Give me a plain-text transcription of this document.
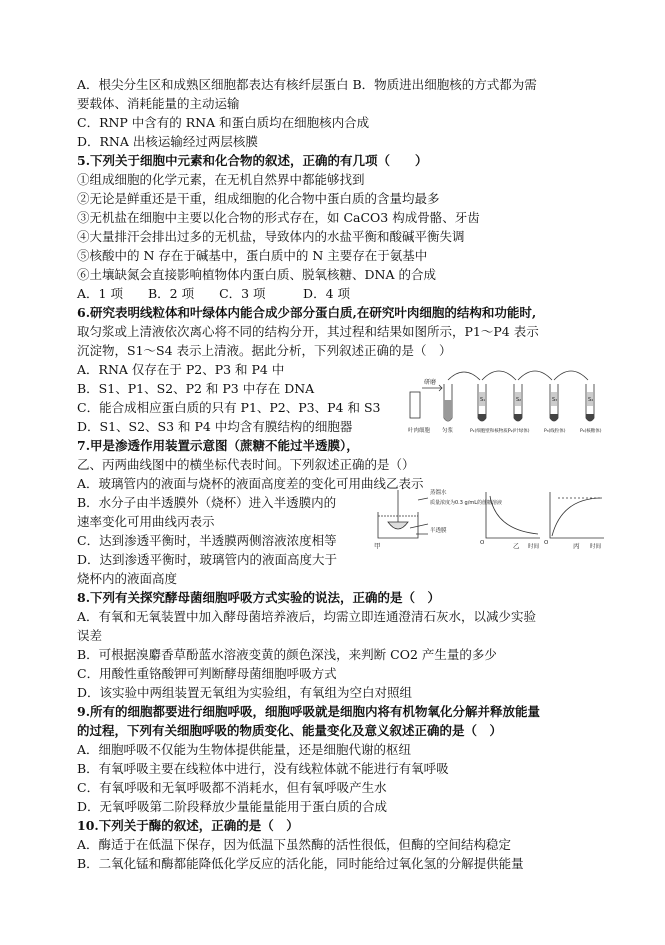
A．根尖分生区和成熟区细胞都表达有核纤层蛋白 B．物质进出细胞核的方式都为需
要载体、消耗能量的主动运输
C．RNP 中含有的 RNA 和蛋白质均在细胞核内合成
D．RNA 出核运输经过两层核膜
5.下列关于细胞中元素和化合物的叙述，正确的有几项（　　）
①组成细胞的化学元素，在无机自然界中都能够找到
②无论是鲜重还是干重，组成细胞的化合物中蛋白质的含量均最多
③无机盐在细胞中主要以化合物的形式存在，如 CaCO3 构成骨骼、牙齿
④大量排汗会排出过多的无机盐，导致体内的水盐平衡和酸碱平衡失调
⑤核酸中的 N 存在于碱基中，蛋白质中的 N 主要存在于氨基中
⑥土壤缺氮会直接影响植物体内蛋白质、脱氧核糖、DNA 的合成
A．1 项　　B．2 项　　C．3 项　　　D．4 项
6.研究表明线粒体和叶绿体内能合成少部分蛋白质,在研究叶肉细胞的结构和功能时,
取匀浆或上清液依次离心将不同的结构分开，其过程和结果如图所示，P1～P4 表示
沉淀物，S1～S4 表示上清液。据此分析，下列叙述正确的是（　）
A．RNA 仅存在于 P2、P3 和 P4 中
B．S1、P1、S2、P2 和 P3 中存在 DNA
C．能合成相应蛋白质的只有 P1、P2、P3、P4 和 S3
D．S1、S2、S3 和 P4 中均含有膜结构的细胞器
7.甲是渗透作用装置示意图（蔗糖不能过半透膜），
乙、丙两曲线图中的横坐标代表时间。下列叙述正确的是（）
A．玻璃管内的液面与烧杯的液面高度差的变化可用曲线乙表示
B．水分子由半透膜外（烧杯）进入半透膜内的
速率变化可用曲线丙表示
C．达到渗透平衡时，半透膜两侧溶液浓度相等
D．达到渗透平衡时，玻璃管内的液面高度大于
烧杯内的液面高度
8.下列有关探究酵母菌细胞呼吸方式实验的说法，正确的是（　）
A．有氧和无氧装置中加入酵母菌培养液后，均需立即连通澄清石灰水，以减少实验
误差
B．可根据溴麝香草酚蓝水溶液变黄的颜色深浅，来判断 CO2 产生量的多少
C．用酸性重铬酸钾可判断酵母菌细胞呼吸方式
D．该实验中两组装置无氧组为实验组，有氧组为空白对照组
9.所有的细胞都要进行细胞呼吸，细胞呼吸就是细胞内将有机物氧化分解并释放能量
的过程，下列有关细胞呼吸的物质变化、能量变化及意义叙述正确的是（　）
A．细胞呼吸不仅能为生物体提供能量，还是细胞代谢的枢纽
B．有氧呼吸主要在线粒体中进行，没有线粒体就不能进行有氧呼吸
C．有氧呼吸和无氧呼吸都不消耗水，但有氧呼吸产生水
D．无氧呼吸第二阶段释放少量能量能用于蛋白质的合成
10.下列关于酶的叙述，正确的是（　）
A．酶适于在低温下保存，因为低温下虽然酶的活性很低，但酶的空间结构稳定
B．二氧化锰和酶都能降低化学反应的活化能，同时能给过氧化氢的分解提供能量
研磨
S₁	S₂	S₃	S₄
叶肉细胞 匀浆	P₁(细胞壁和核物质)
P₂(叶绿体)	P₃(线粒体)	P₄(核糖体)
蒸馏水
质量浓度为0.3 g/mL的蔗糖溶液
半透膜
甲	O
时间
乙	O
时间
丙
